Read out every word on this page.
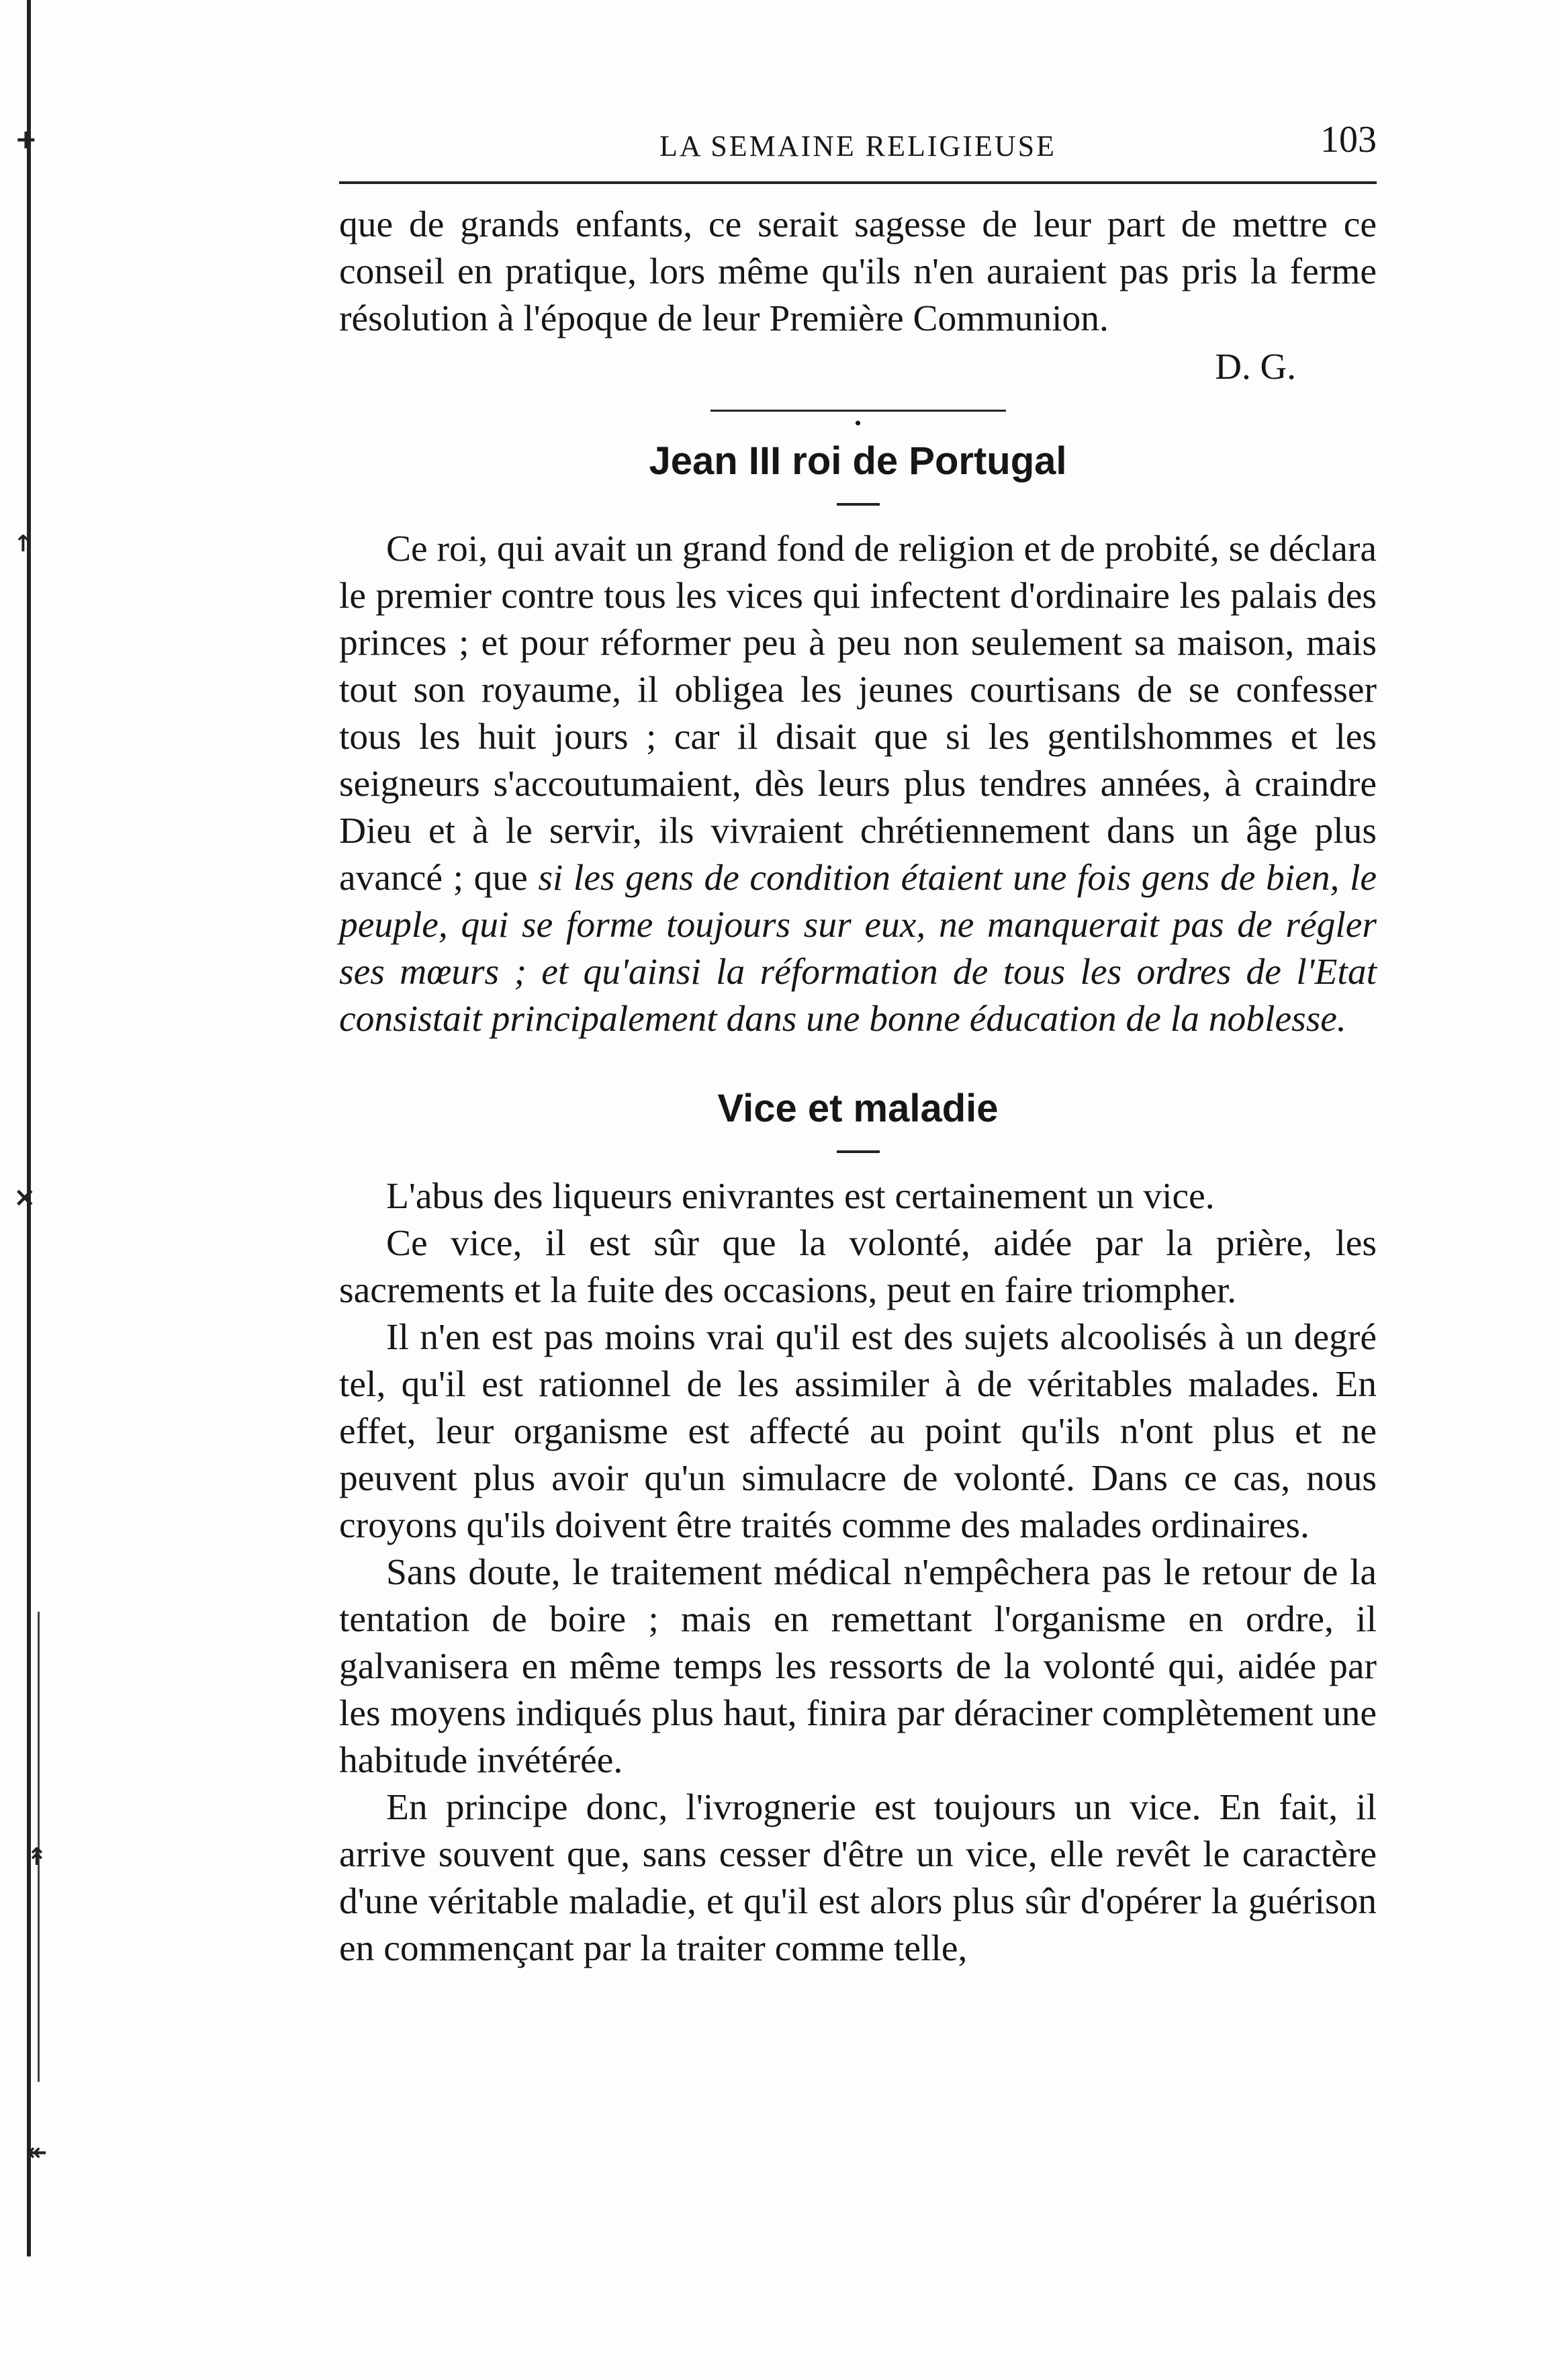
+
↑
×
↟
↞
LA SEMAINE RELIGIEUSE	103

que de grands enfants, ce serait sagesse de leur part de mettre ce conseil en pratique, lors même qu'ils n'en auraient pas pris la ferme résolution à l'époque de leur Première Communion.

D. G.
•
Jean III roi de Portugal

Ce roi, qui avait un grand fond de religion et de probité, se déclara le premier contre tous les vices qui infectent d'ordinaire les palais des princes ; et pour réformer peu à peu non seulement sa maison, mais tout son royaume, il obligea les jeunes courtisans de se confesser tous les huit jours ; car il disait que si les gentilshommes et les seigneurs s'accoutumaient, dès leurs plus tendres années, à craindre Dieu et à le servir, ils vivraient chrétiennement dans un âge plus avancé ; que si les gens de condition étaient une fois gens de bien, le peuple, qui se forme toujours sur eux, ne manquerait pas de régler ses mœurs ; et qu'ainsi la réformation de tous les ordres de l'Etat consistait principalement dans une bonne éducation de la noblesse.

Vice et maladie

L'abus des liqueurs enivrantes est certainement un vice.

Ce vice, il est sûr que la volonté, aidée par la prière, les sacrements et la fuite des occasions, peut en faire triompher.

Il n'en est pas moins vrai qu'il est des sujets alcoolisés à un degré tel, qu'il est rationnel de les assimiler à de véritables malades. En effet, leur organisme est affecté au point qu'ils n'ont plus et ne peuvent plus avoir qu'un simulacre de volonté. Dans ce cas, nous croyons qu'ils doivent être traités comme des malades ordinaires.

Sans doute, le traitement médical n'empêchera pas le retour de la tentation de boire ; mais en remettant l'organisme en ordre, il galvanisera en même temps les ressorts de la volonté qui, aidée par les moyens indiqués plus haut, finira par déraciner complètement une habitude invétérée.

En principe donc, l'ivrognerie est toujours un vice. En fait, il arrive souvent que, sans cesser d'être un vice, elle revêt le caractère d'une véritable maladie, et qu'il est alors plus sûr d'opérer la guérison en commençant par la traiter comme telle,
